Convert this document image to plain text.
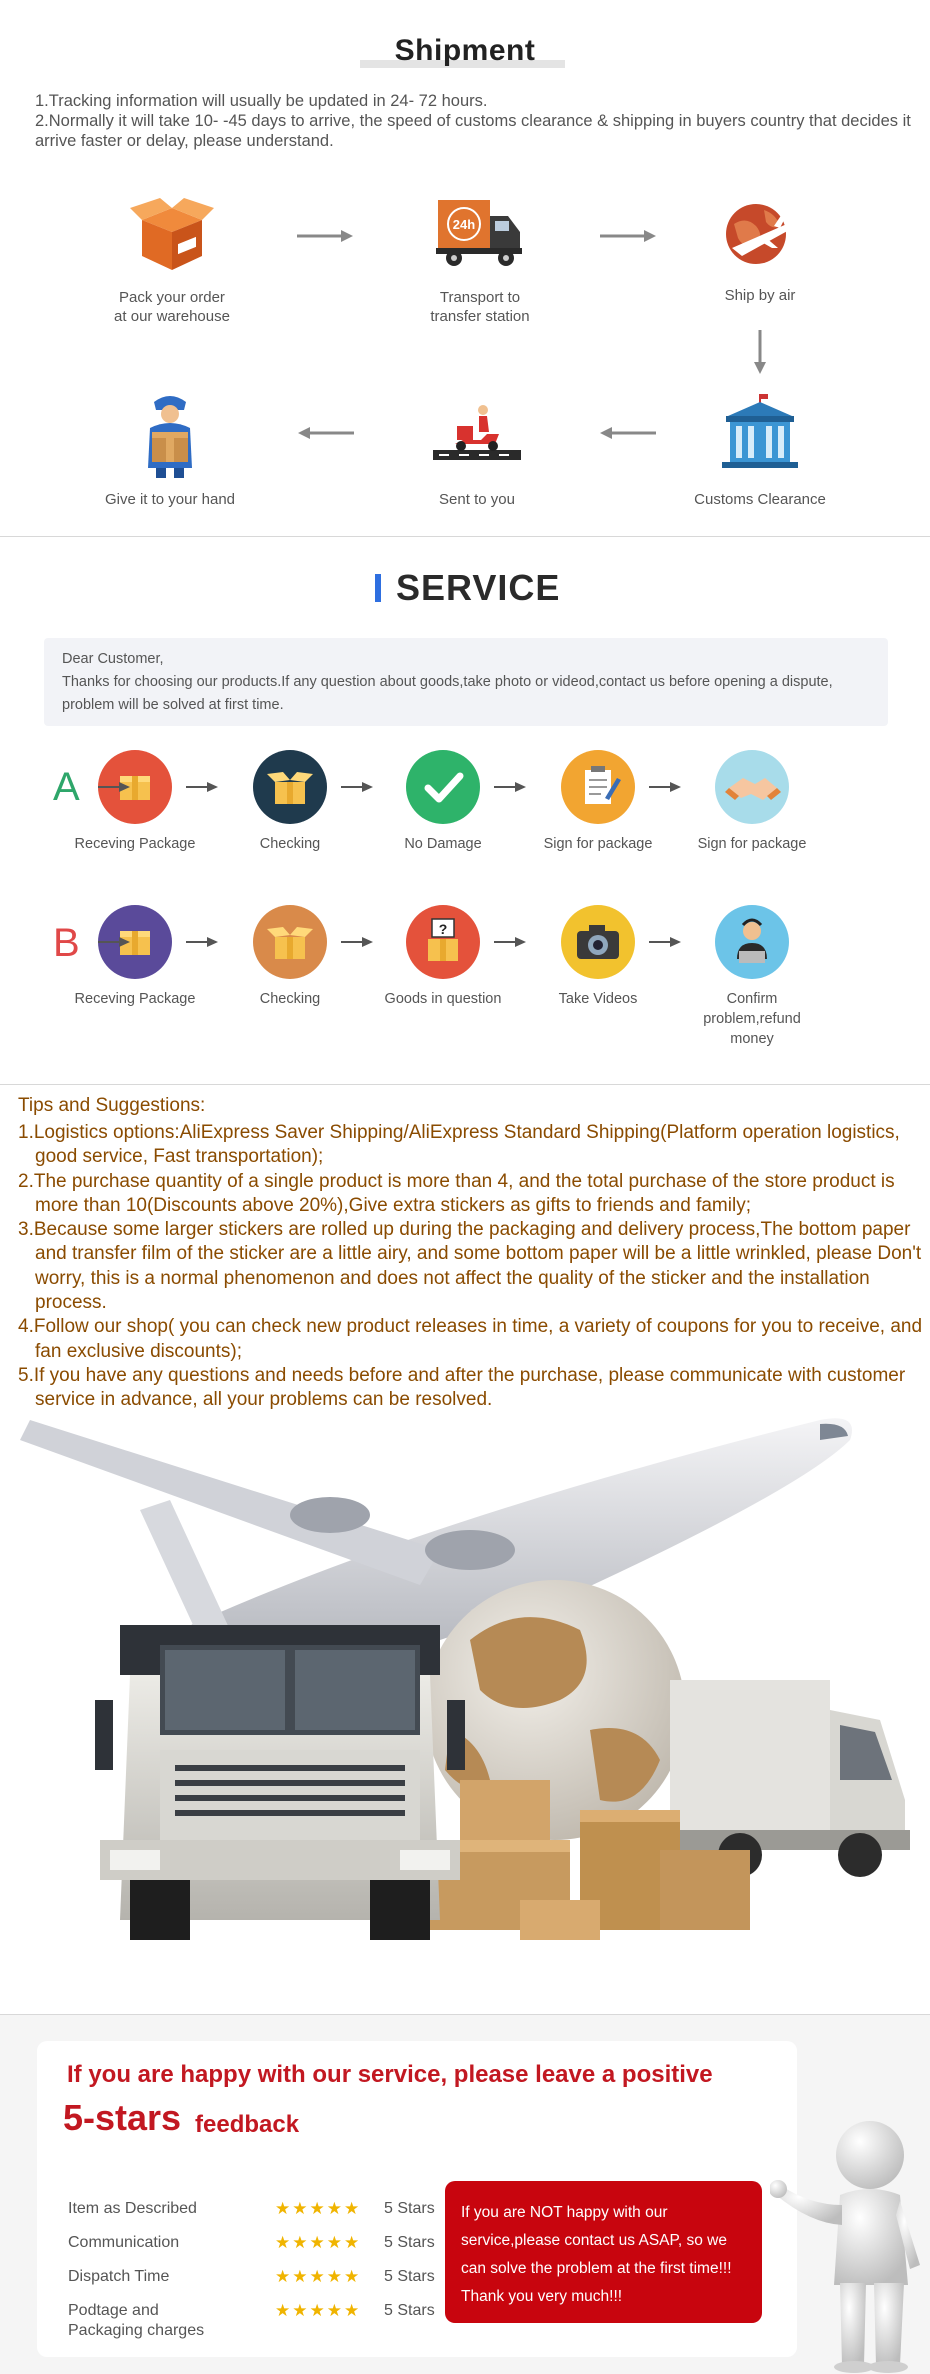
Shipment
1.Tracking information will usually be updated in 24- 72 hours.
2.Normally it will take 10- -45 days to arrive, the speed of customs clearance & shipping in buyers country that decides it arrive faster or delay, please understand.
Pack your order
at our warehouse
24h
Transport to
transfer station
Ship by air
Customs Clearance
Sent to you
Give it to your hand
SERVICE
Dear Customer,
Thanks for choosing our products.If any question about goods,take photo or videod,contact us before opening a dispute, problem will be solved at first time.
A
Receving Package	Checking	No Damage	Sign for package	Sign for package
B
Receving Package	Checking
?
Goods in question	Take Videos	Confirm problem,refund
money
Tips and Suggestions:
1.Logistics options:AliExpress Saver Shipping/AliExpress Standard Shipping(Platform operation logistics, good service, Fast transportation);
2.The purchase quantity of a single product is more than 4, and the total purchase of the store product is more than 10(Discounts above 20%),Give extra stickers as gifts to friends and family;
3.Because some larger stickers are rolled up during the packaging and delivery process,The bottom paper and transfer film of the sticker are a little airy, and some bottom paper will be a little wrinkled, please Don't worry, this is a normal phenomenon and does not affect the quality of the sticker and the installation process.
4.Follow our shop( you can check new product releases in time, a variety of coupons for you to receive, and fan exclusive discounts);
5.If you have any questions and needs before and after the purchase, please communicate with customer service in advance, all your problems can be resolved.
If you are happy with our service, please leave a positive
5-stars feedback
Item as Described	★★★★★ 5 Stars
Communication	★★★★★ 5 Stars
Dispatch Time	★★★★★ 5 Stars
Podtage and
Packaging charges
★★★★★ 5 Stars
If you are NOT happy with our service,please contact us ASAP, so we can solve the problem at the first time!!! Thank you very much!!!
